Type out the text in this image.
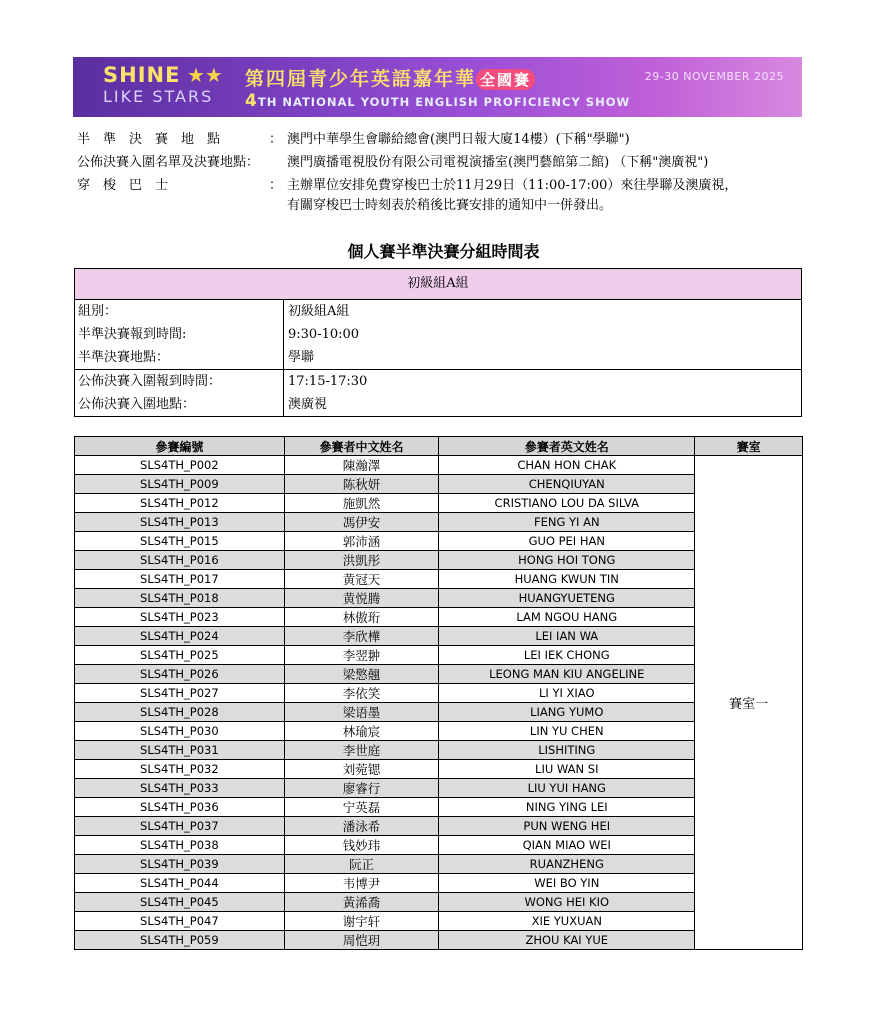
SHINE ★★
LIKE STARS
第四屆青少年英語嘉年華 全國賽
4TH NATIONAL YOUTH ENGLISH PROFICIENCY SHOW
29-30 NOVEMBER 2025
半　準　決　賽　地　點	： 澳門中華學生會聯給總會(澳門日報大廈14樓）(下稱"學聯")
公佈決賽入圍名單及決賽地點： 澳門廣播電視股份有限公司電視演播室(澳門藝館第二館) （下稱"澳廣視")
穿　梭　巴　士	： 主辦單位安排免費穿梭巴士於11月29日（11:00-17:00）來往學聯及澳廣視，
有關穿梭巴士時刻表於稍後比賽安排的通知中一併發出。
個人賽半準決賽分組時間表
初級組A組
組別：	初級組A組
半準決賽報到時間:	9:30-10:00
半準決賽地點：	學聯
公佈決賽入圍報到時間：	17:15-17:30
公佈決賽入圍地點：	澳廣視
參賽編號	參賽者中文姓名	參賽者英文姓名	賽室
SLS4TH_P002	陳瀚澤	CHAN HON CHAK	賽室一
SLS4TH_P009	陈秋妍	CHENQIUYAN	
SLS4TH_P012	施凱然	CRISTIANO LOU DA SILVA	
SLS4TH_P013	馮伊安	FENG YI AN	
SLS4TH_P015	郭沛涵	GUO PEI HAN	
SLS4TH_P016	洪凱彤	HONG HOI TONG	
SLS4TH_P017	黄冠天	HUANG KWUN TIN	
SLS4TH_P018	黄悦腾	HUANGYUETENG	
SLS4TH_P023	林傲珩	LAM NGOU HANG	
SLS4TH_P024	李欣樺	LEI IAN WA	
SLS4TH_P025	李翌翀	LEI IEK CHONG	
SLS4TH_P026	梁憼翹	LEONG MAN KIU ANGELINE	
SLS4TH_P027	李依笑	LI YI XIAO	
SLS4TH_P028	梁语墨	LIANG YUMO	
SLS4TH_P030	林瑜宸	LIN YU CHEN	
SLS4TH_P031	李世庭	LISHITING	
SLS4TH_P032	刘菀锶	LIU WAN SI	
SLS4TH_P033	廖睿行	LIU YUI HANG	
SLS4TH_P036	宁英磊	NING YING LEI	
SLS4TH_P037	潘泳希	PUN WENG HEI	
SLS4TH_P038	钱妙玮	QIAN MIAO WEI	
SLS4TH_P039	阮正	RUANZHENG	
SLS4TH_P044	韦博尹	WEI BO YIN	
SLS4TH_P045	黃浠喬	WONG HEI KIO	
SLS4TH_P047	谢宇轩	XIE YUXUAN	
SLS4TH_P059	周恺玥	ZHOU KAI YUE	
